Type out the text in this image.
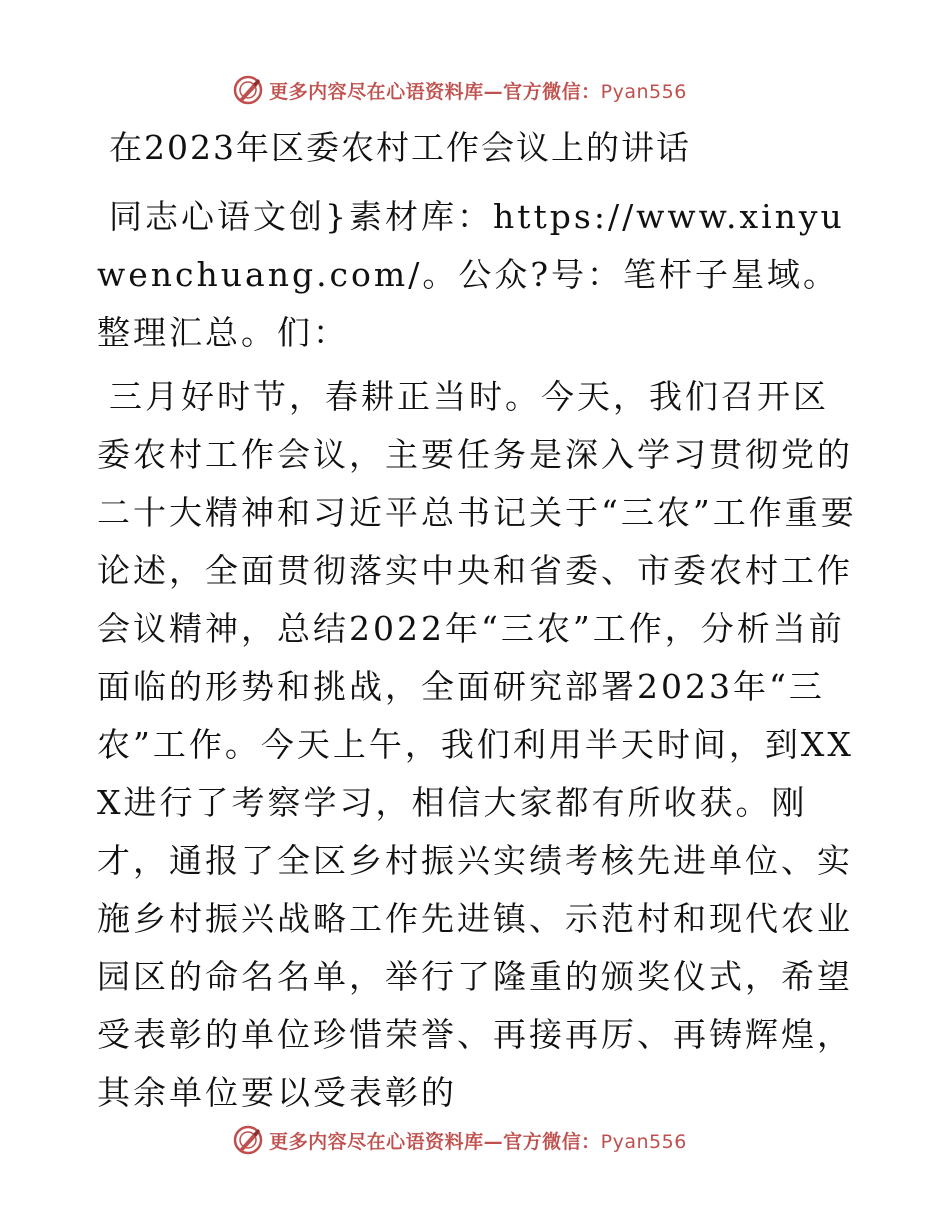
更多内容尽在心语资料库—官方微信：Pyan556
在2023年区委农村工作会议上的讲话

同志心语文创}素材库：https://www.xinyuwenchuang.com/。公众?号：笔杆子星域。整理汇总。们：

三月好时节，春耕正当时。今天，我们召开区委农村工作会议，主要任务是深入学习贯彻党的二十大精神和习近平总书记关于“三农”工作重要论述，全面贯彻落实中央和省委、市委农村工作会议精神，总结2022年“三农”工作，分析当前面临的形势和挑战，全面研究部署2023年“三农”工作。今天上午，我们利用半天时间，到XXX进行了考察学习，相信大家都有所收获。刚才，通报了全区乡村振兴实绩考核先进单位、实施乡村振兴战略工作先进镇、示范村和现代农业园区的命名名单，举行了隆重的颁奖仪式，希望受表彰的单位珍惜荣誉、再接再厉、再铸辉煌，其余单位要以受表彰的

更多内容尽在心语资料库—官方微信：Pyan556
